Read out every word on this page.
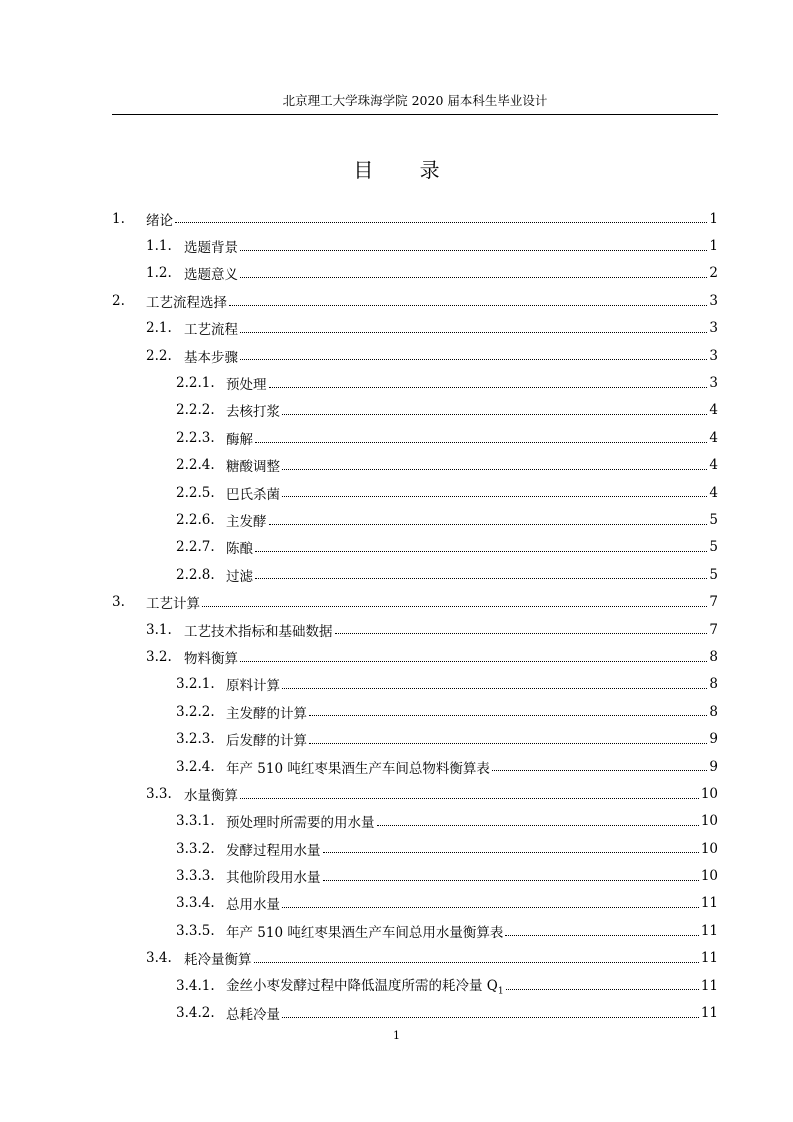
北京理工大学珠海学院 2020 届本科生毕业设计
目 录
1.	绪论	1
1.1. 选题背景	1
1.2. 选题意义	2
2.	工艺流程选择	3
2.1. 工艺流程	3
2.2. 基本步骤	3
2.2.1. 预处理	3
2.2.2. 去核打浆	4
2.2.3. 酶解	4
2.2.4. 糖酸调整	4
2.2.5. 巴氏杀菌	4
2.2.6. 主发酵	5
2.2.7. 陈酿	5
2.2.8. 过滤	5
3.	工艺计算	7
3.1. 工艺技术指标和基础数据	7
3.2. 物料衡算	8
3.2.1. 原料计算	8
3.2.2. 主发酵的计算	8
3.2.3. 后发酵的计算	9
3.2.4. 年产 510 吨红枣果酒生产车间总物料衡算表	9
3.3. 水量衡算	10
3.3.1. 预处理时所需要的用水量	10
3.3.2. 发酵过程用水量	10
3.3.3. 其他阶段用水量	10
3.3.4. 总用水量	11
3.3.5. 年产 510 吨红枣果酒生产车间总用水量衡算表	11
3.4. 耗冷量衡算	11
3.4.1. 金丝小枣发酵过程中降低温度所需的耗冷量 $Q_1$	11
3.4.2. 总耗冷量	11
1
